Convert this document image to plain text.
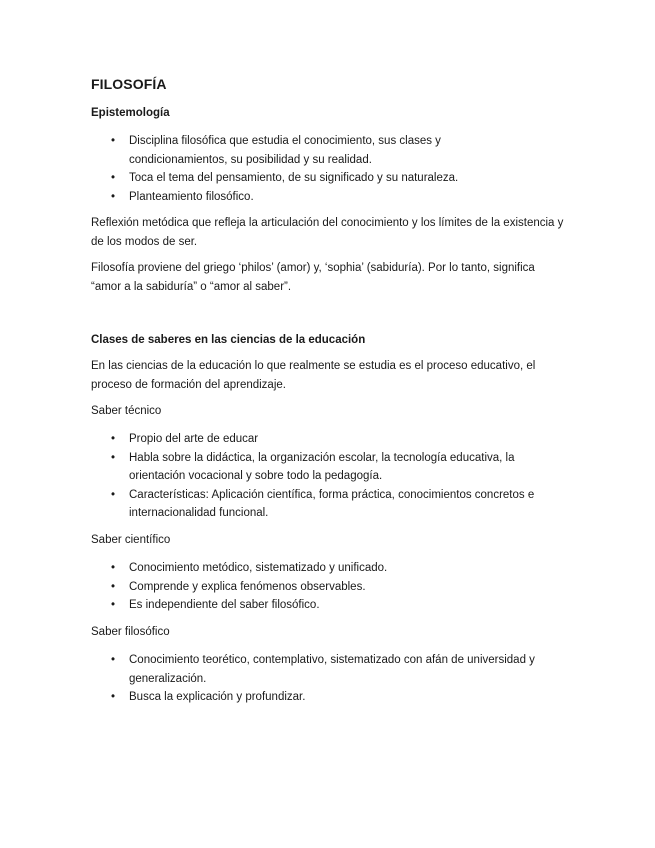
FILOSOFÍA
Epistemología
• Disciplina filosófica que estudia el conocimiento, sus clases y condicionamientos, su posibilidad y su realidad.
• Toca el tema del pensamiento, de su significado y su naturaleza.
• Planteamiento filosófico.

Reflexión metódica que refleja la articulación del conocimiento y los límites de la existencia y de los modos de ser.

Filosofía proviene del griego ‘philos’ (amor) y, ‘sophia’ (sabiduría). Por lo tanto, significa “amor a la sabiduría” o “amor al saber”.

Clases de saberes en las ciencias de la educación

En las ciencias de la educación lo que realmente se estudia es el proceso educativo, el proceso de formación del aprendizaje.

Saber técnico

• Propio del arte de educar
• Habla sobre la didáctica, la organización escolar, la tecnología educativa, la orientación vocacional y sobre todo la pedagogía.
• Características: Aplicación científica, forma práctica, conocimientos concretos e internacionalidad funcional.

Saber científico

• Conocimiento metódico, sistematizado y unificado.
• Comprende y explica fenómenos observables.
• Es independiente del saber filosófico.

Saber filosófico

• Conocimiento teorético, contemplativo, sistematizado con afán de universidad y generalización.
• Busca la explicación y profundizar.
